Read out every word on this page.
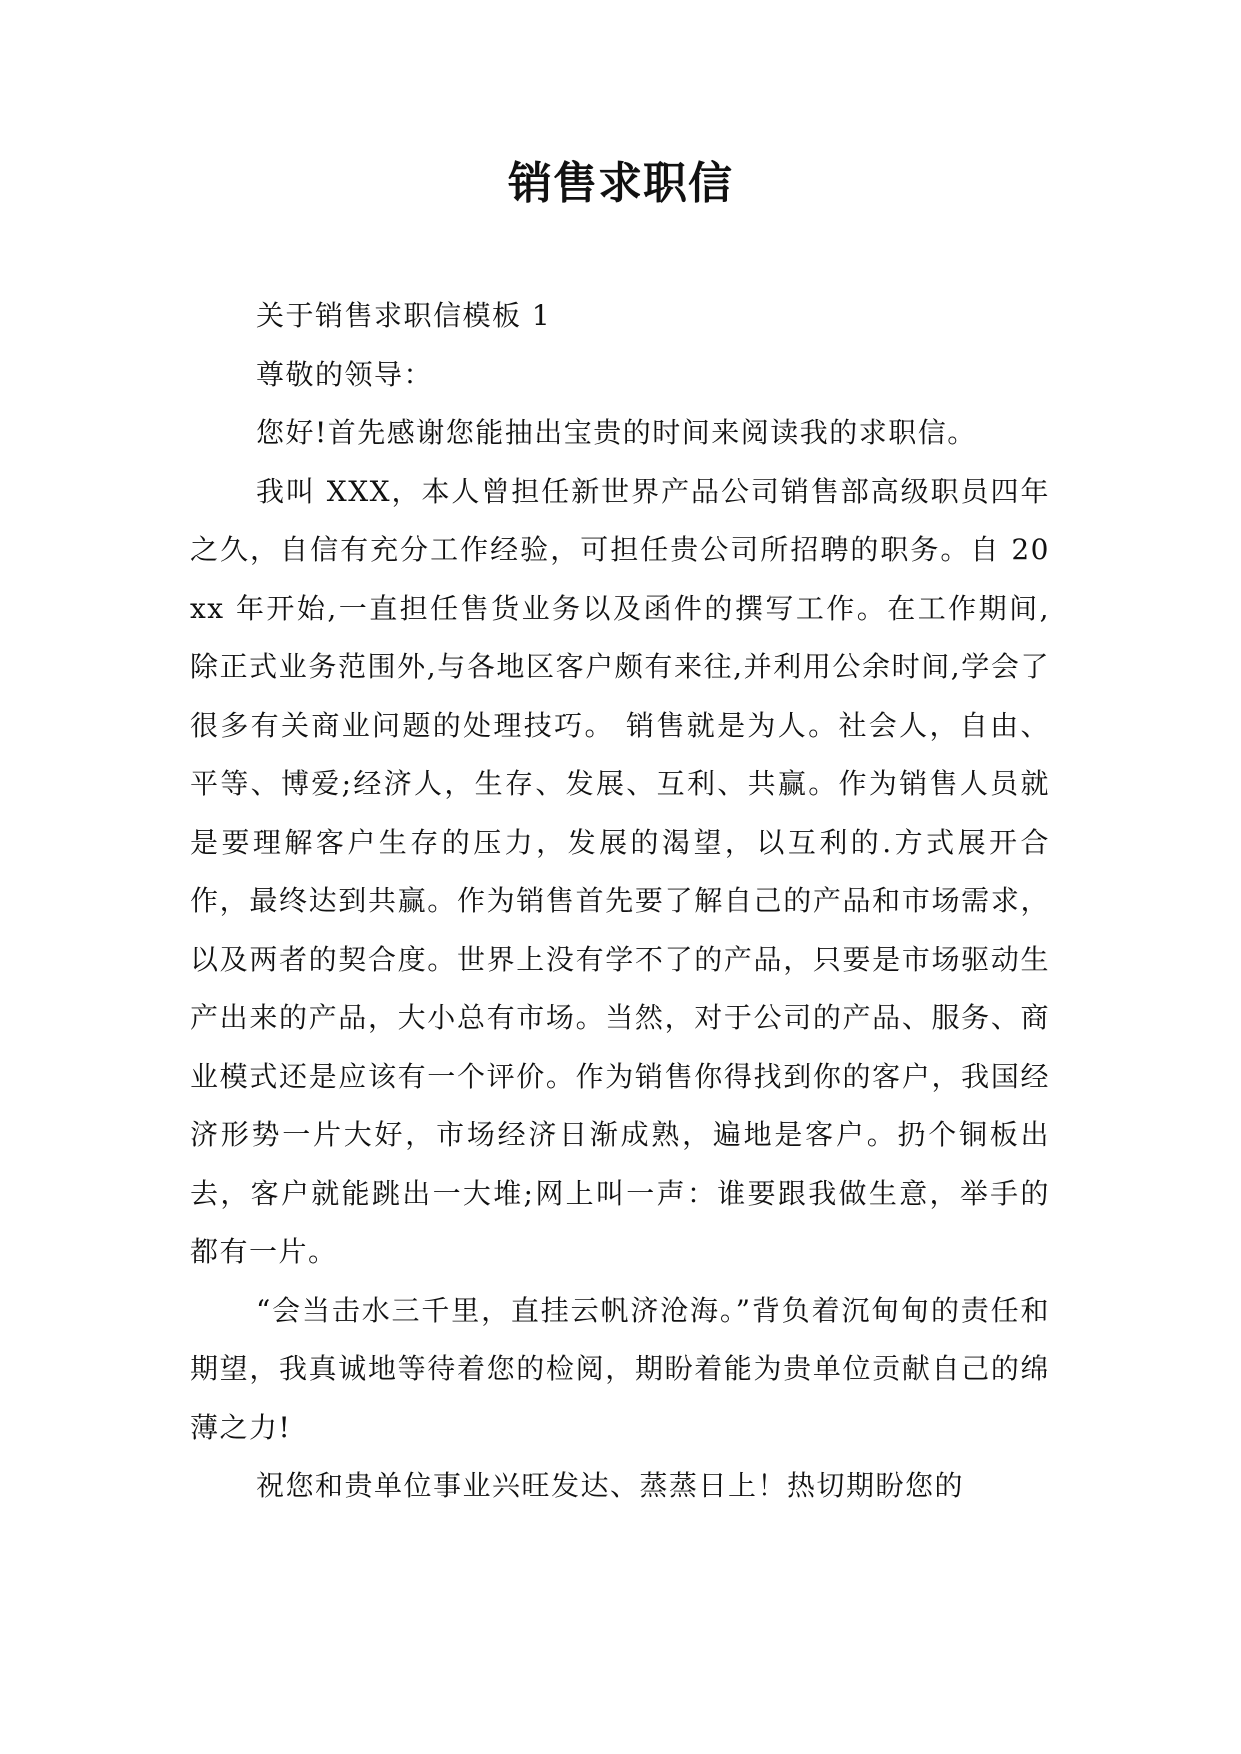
销售求职信

关于销售求职信模板 1

尊敬的领导：

您好!首先感谢您能抽出宝贵的时间来阅读我的求职信。

我叫 XXX，本人曾担任新世界产品公司销售部高级职员四年之久，自信有充分工作经验，可担任贵公司所招聘的职务。自 20xx 年开始,一直担任售货业务以及函件的撰写工作。在工作期间,除正式业务范围外,与各地区客户颇有来往,并利用公余时间,学会了很多有关商业问题的处理技巧。 销售就是为人。社会人，自由、平等、博爱;经济人，生存、发展、互利、共赢。作为销售人员就是要理解客户生存的压力，发展的渴望，以互利的.方式展开合作，最终达到共赢。作为销售首先要了解自己的产品和市场需求，以及两者的契合度。世界上没有学不了的产品，只要是市场驱动生产出来的产品，大小总有市场。当然，对于公司的产品、服务、商业模式还是应该有一个评价。作为销售你得找到你的客户，我国经济形势一片大好，市场经济日渐成熟，遍地是客户。扔个铜板出去，客户就能跳出一大堆;网上叫一声：谁要跟我做生意，举手的都有一片。

“会当击水三千里，直挂云帆济沧海。”背负着沉甸甸的责任和期望，我真诚地等待着您的检阅，期盼着能为贵单位贡献自己的绵薄之力!

祝您和贵单位事业兴旺发达、蒸蒸日上！热切期盼您的
